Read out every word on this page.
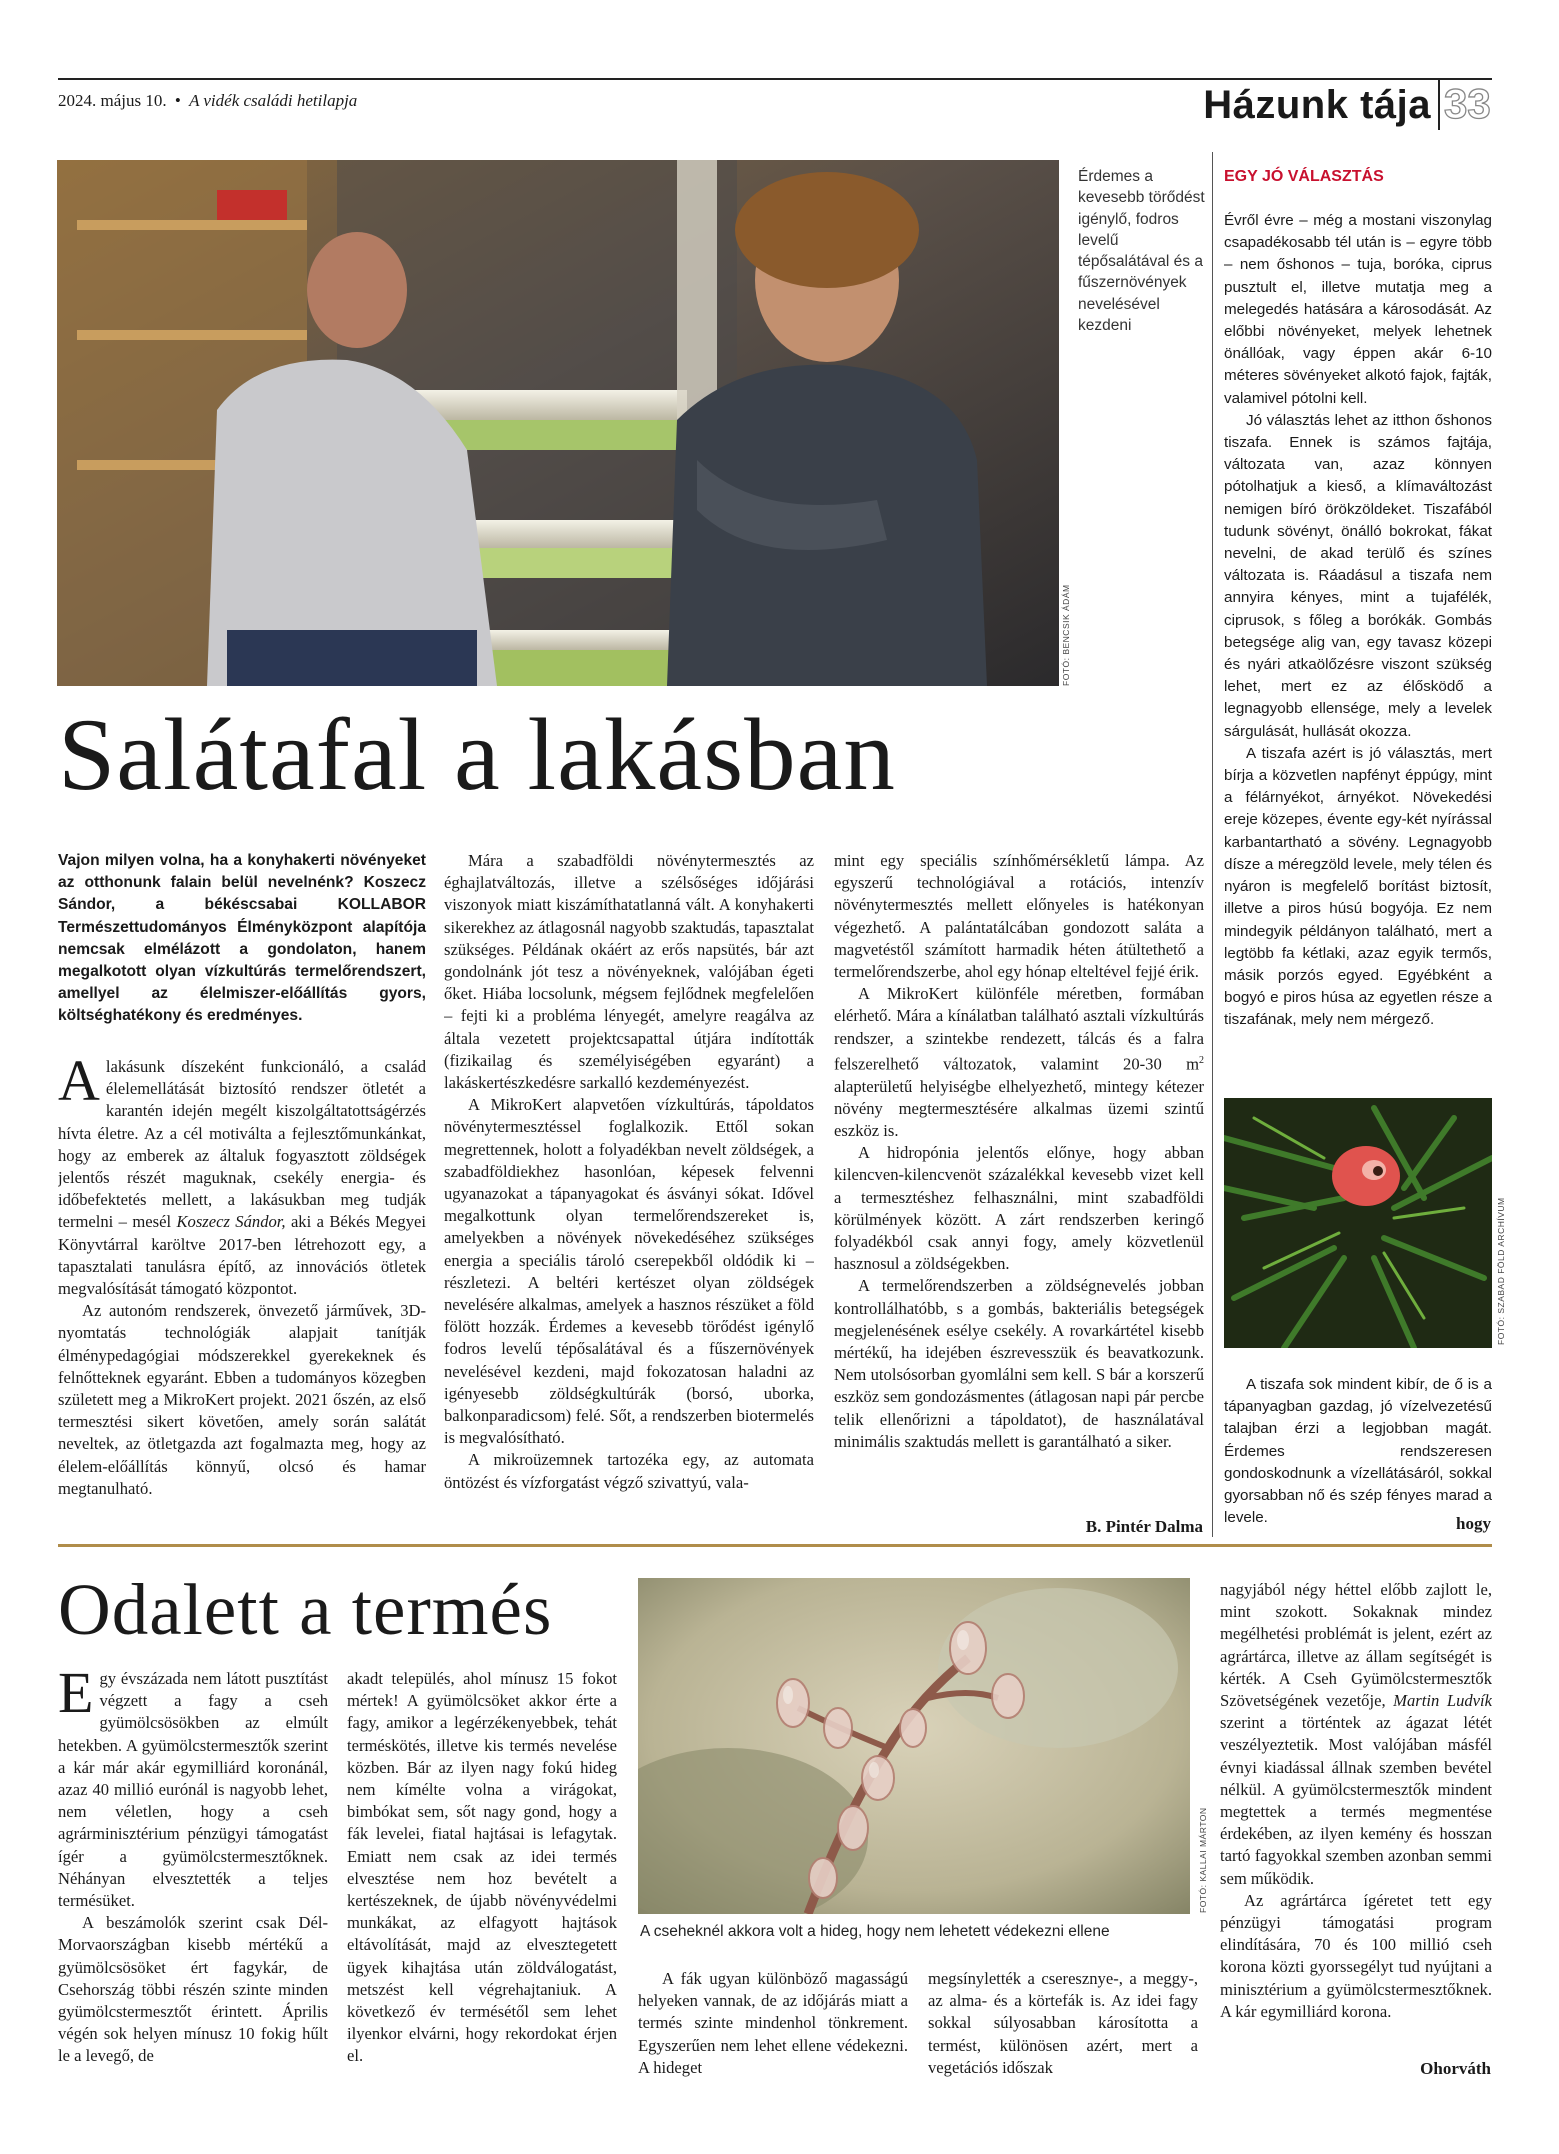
2024. május 10. • A vidék családi hetilapja	Házunk tája 33
FOTÓ: BENCSIK ÁDÁM
Érdemes a kevesebb törődést igénylő, fodros levelű tépősalátával és a fűszernövények nevelésével kezdeni
Salátafal a lakásban
Vajon milyen volna, ha a konyhakerti növényeket az otthonunk falain belül nevelnénk? Koszecz Sándor, a békéscsabai KOLLABOR Természettudományos Élményközpont alapítója nemcsak elmélázott a gondolaton, hanem megalkotott olyan vízkultúrás termelőrendszert, amellyel az élelmiszer-előállítás gyors, költséghatékony és eredményes.

Alakásunk díszeként funkcionáló, a család élelemellátását biztosító rendszer ötletét a karantén idején megélt kiszolgáltatottságérzés hívta életre. Az a cél motiválta a fejlesztőmunkánkat, hogy az emberek az általuk fogyasztott zöldségek jelentős részét maguknak, csekély energia- és időbefektetés mellett, a lakásukban meg tudják termelni – mesél Koszecz Sándor, aki a Békés Megyei Könyvtárral karöltve 2017-ben létrehozott egy, a tapasztalati tanulásra építő, az innovációs ötletek megvalósítását támogató központot.

Az autonóm rendszerek, önvezető járművek, 3D-nyomtatás technológiák alapjait tanítják élménypedagógiai módszerekkel gyerekeknek és felnőtteknek egyaránt. Ebben a tudományos közegben született meg a MikroKert projekt. 2021 őszén, az első termesztési sikert követően, amely során salátát neveltek, az ötletgazda azt fogalmazta meg, hogy az élelem-előállítás könnyű, olcsó és hamar megtanulható.

Mára a szabadföldi növénytermesztés az éghajlatváltozás, illetve a szélsőséges időjárási viszonyok miatt kiszámíthatatlanná vált. A konyhakerti sikerekhez az átlagosnál nagyobb szaktudás, tapasztalat szükséges. Példának okáért az erős napsütés, bár azt gondolnánk jót tesz a növényeknek, valójában égeti őket. Hiába locsolunk, mégsem fejlődnek megfelelően – fejti ki a probléma lényegét, amelyre reagálva az általa vezetett projektcsapattal útjára indították (fizikailag és személyiségében egyaránt) a lakáskertészkedésre sarkalló kezdeményezést.

A MikroKert alapvetően vízkultúrás, tápoldatos növénytermesztéssel foglalkozik. Ettől sokan megrettennek, holott a folyadékban nevelt zöldségek, a szabadföldiekhez hasonlóan, képesek felvenni ugyanazokat a tápanyagokat és ásványi sókat. Idővel megalkottunk olyan termelőrendszereket is, amelyekben a növények növekedéséhez szükséges energia a speciális tároló cserepekből oldódik ki – részletezi. A beltéri kertészet olyan zöldségek nevelésére alkalmas, amelyek a hasznos részüket a föld fölött hozzák. Érdemes a kevesebb törődést igénylő fodros levelű tépősalátával és a fűszernövények nevelésével kezdeni, majd fokozatosan haladni az igényesebb zöldségkultúrák (borsó, uborka, balkonparadicsom) felé. Sőt, a rendszerben biotermelés is megvalósítható.

A mikroüzemnek tartozéka egy, az automata öntözést és vízforgatást végző szivattyú, vala-

mint egy speciális színhőmérsékletű lámpa. Az egyszerű technológiával a rotációs, intenzív növénytermesztés mellett előnyeles is hatékonyan végezhető. A palántatálcában gondozott saláta a magvetéstől számított harmadik héten átültethető a termelőrendszerbe, ahol egy hónap elteltével fejjé érik.

A MikroKert különféle méretben, formában elérhető. Mára a kínálatban található asztali vízkultúrás rendszer, a szintekbe rendezett, tálcás és a falra felszerelhető változatok, valamint 20-30 $m^2$ alapterületű helyiségbe elhelyezhető, mintegy kétezer növény megtermesztésére alkalmas üzemi szintű eszköz is.

A hidropónia jelentős előnye, hogy abban kilencven-kilencvenöt százalékkal kevesebb vizet kell a termesztéshez felhasználni, mint szabadföldi körülmények között. A zárt rendszerben keringő folyadékból csak annyi fogy, amely közvetlenül hasznosul a zöldségekben.

A termelőrendszerben a zöldségnevelés jobban kontrollálhatóbb, s a gombás, bakteriális betegségek megjelenésének esélye csekély. A rovarkártétel kisebb mértékű, ha idejében észrevesszük és beavatkozunk. Nem utolsósorban gyomlálni sem kell. S bár a korszerű eszköz sem gondozásmentes (átlagosan napi pár percbe telik ellenőrizni a tápoldatot), de használatával minimális szaktudás mellett is garantálható a siker.

B. Pintér Dalma
EGY JÓ VÁLASZTÁS

Évről évre – még a mostani viszonylag csapadékosabb tél után is – egyre több – nem őshonos – tuja, boróka, ciprus pusztult el, illetve mutatja meg a melegedés hatására a károsodását. Az előbbi növényeket, melyek lehetnek önállóak, vagy éppen akár 6-10 méteres sövényeket alkotó fajok, fajták, valamivel pótolni kell.

Jó választás lehet az itthon őshonos tiszafa. Ennek is számos fajtája, változata van, azaz könnyen pótolhatjuk a kieső, a klímaváltozást nemigen bíró örökzöldeket. Tiszafából tudunk sövényt, önálló bokrokat, fákat nevelni, de akad terülő és színes változata is. Ráadásul a tiszafa nem annyira kényes, mint a tujafélék, ciprusok, s főleg a borókák. Gombás betegsége alig van, egy tavasz közepi és nyári atkaölőzésre viszont szükség lehet, mert ez az élősködő a legnagyobb ellensége, mely a levelek sárgulását, hullását okozza.

A tiszafa azért is jó választás, mert bírja a közvetlen napfényt éppúgy, mint a félárnyékot, árnyékot. Növekedési ereje közepes, évente egy-két nyírással karbantartható a sövény. Legnagyobb dísze a méregzöld levele, mely télen és nyáron is megfelelő borítást biztosít, illetve a piros húsú bogyója. Ez nem mindegyik példányon található, mert a legtöbb fa kétlaki, azaz egyik termős, másik porzós egyed. Egyébként a bogyó e piros húsa az egyetlen része a tiszafának, mely nem mérgező.

FOTÓ: SZABAD FÖLD ARCHÍVUM

A tiszafa sok mindent kibír, de ő is a tápanyagban gazdag, jó vízelvezetésű talajban érzi a legjobban magát. Érdemes rendszeresen gondoskodnunk a vízellátásáról, sokkal gyorsabban nő és szép fényes marad a levele.	hogy
Odalett a termés

Egy évszázada nem látott pusztítást végzett a fagy a cseh gyümölcsösökben az elmúlt hetekben. A gyümölcstermesztők szerint a kár már akár egymilliárd koronánál, azaz 40 millió eurónál is nagyobb lehet, nem véletlen, hogy a cseh agrárminisztérium pénzügyi támogatást ígér a gyümölcstermesztőknek. Néhányan elvesztették a teljes termésüket.

A beszámolók szerint csak Dél-Morvaországban kisebb mértékű a gyümölcsösöket ért fagykár, de Csehország többi részén szinte minden gyümölcstermesztőt érintett. Április végén sok helyen mínusz 10 fokig hűlt le a levegő, de

akadt település, ahol mínusz 15 fokot mértek! A gyümölcsöket akkor érte a fagy, amikor a legérzékenyebbek, tehát terméskötés, illetve kis termés nevelése közben. Bár az ilyen nagy fokú hideg nem kímélte volna a virágokat, bimbókat sem, sőt nagy gond, hogy a fák levelei, fiatal hajtásai is lefagytak. Emiatt nem csak az idei termés elvesztése nem hoz bevételt a kertészeknek, de újabb növényvédelmi munkákat, az elfagyott hajtások eltávolítását, majd az elvesztegetett ügyek kihajtása után zöldválogatást, metszést kell végrehajtaniuk. A következő év termésétől sem lehet ilyenkor elvárni, hogy rekordokat érjen el.

FOTÓ: KALLAI MÁRTON
A cseheknél akkora volt a hideg, hogy nem lehetett védekezni ellene

A fák ugyan különböző magasságú helyeken vannak, de az időjárás miatt a termés szinte mindenhol tönkrement. Egyszerűen nem lehet ellene védekezni. A hideget

megsínylették a cseresznye-, a meggy-, az alma- és a körtefák is. Az idei fagy sokkal súlyosabban károsította a termést, különösen azért, mert a vegetációs időszak

nagyjából négy héttel előbb zajlott le, mint szokott. Sokaknak mindez megélhetési problémát is jelent, ezért az agrártárca, illetve az állam segítségét is kérték. A Cseh Gyümölcstermesztők Szövetségének vezetője, Martin Ludvík szerint a történtek az ágazat létét veszélyeztetik. Most valójában másfél évnyi kiadással állnak szemben bevétel nélkül. A gyümölcstermesztők mindent megtettek a termés megmentése érdekében, az ilyen kemény és hosszan tartó fagyokkal szemben azonban semmi sem működik.

Az agrártárca ígéretet tett egy pénzügyi támogatási program elindítására, 70 és 100 millió cseh korona közti gyorssegélyt tud nyújtani a minisztérium a gyümölcstermesztőknek. A kár egymilliárd korona.

Ohorváth
